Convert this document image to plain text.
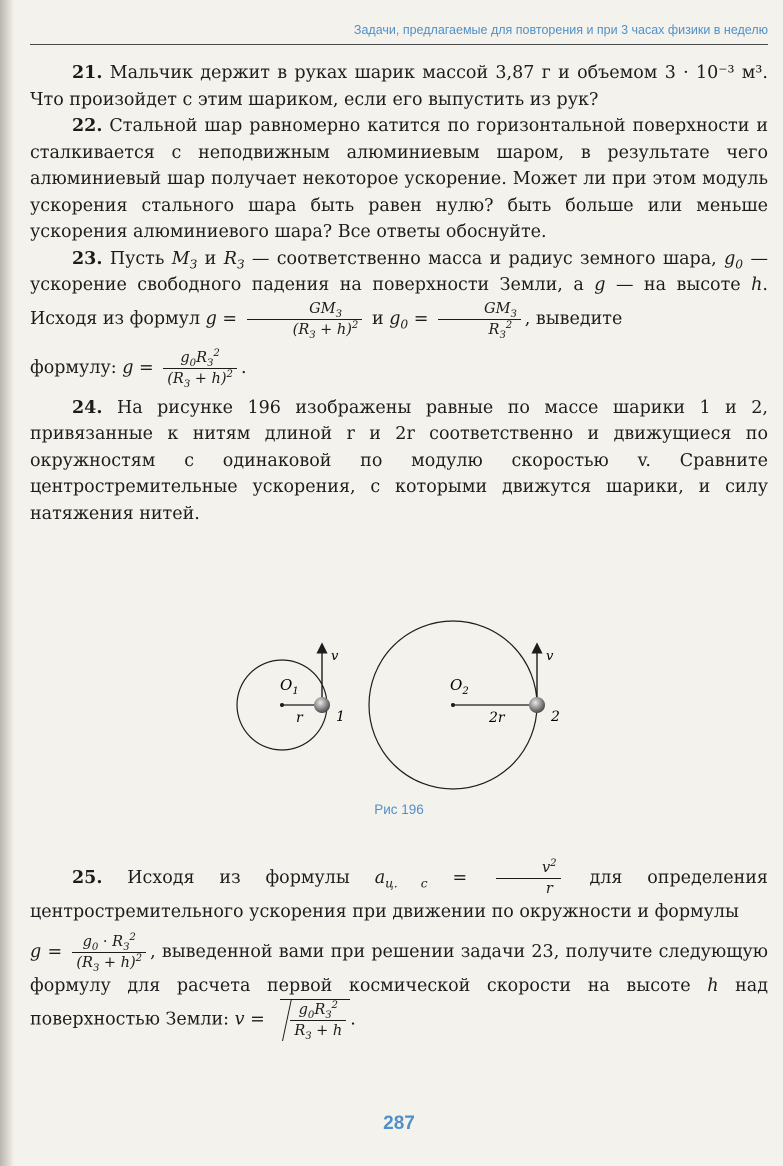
Задачи, предлагаемые для повторения и при 3 часах физики в неделю

21. Мальчик держит в руках шарик массой 3,87 г и объемом 3 · 10⁻³ м³. Что произойдет с этим шариком, если его выпустить из рук?

22. Стальной шар равномерно катится по горизонтальной поверхности и сталкивается с неподвижным алюминиевым шаром, в результате чего алюминиевый шар получает некоторое ускорение. Может ли при этом модуль ускорения стального шара быть равен нулю? быть больше или меньше ускорения алюминиевого шара? Все ответы обоснуйте.

23. Пусть $M_З$ и $R_З$ — соответственно масса и радиус земного шара, $g_0$ — ускорение свободного падения на поверхности Земли, а g — на высоте h. Исходя из формул $g = \frac{GM_З}{(R_З + h)^2}$ и $g_0 = \frac{GM_З}{R_З^2}$ , выведите

формулу: $g = \frac{g_0R_З^2}{(R_З + h)^2}$ .

24. На рисунке 196 изображены равные по массе шарики 1 и 2, привязанные к нитям длиной r и 2r соответственно и движущиеся по окружностям с одинаковой по модулю скоростью v. Сравните центростремительные ускорения, с которыми движутся шарики, и силу натяжения нитей.

$O_1$
r 1
v
$O_2$
2r	2
v
Рис 196

25. Исходя из формулы $a_{ц. с} = \frac{v^2}{r}$ для определения центростремительного ускорения при движении по окружности и формулы

$g = \frac{g_0 \cdot R_З^2}{(R_З + h)^2}$ , выведенной вами при решении задачи 23, получите следующую формулу для расчета первой космической скорости на высоте h над поверхностью Земли: $v = \frac{g_0R_З^2}{R_З + h}$ .

287
